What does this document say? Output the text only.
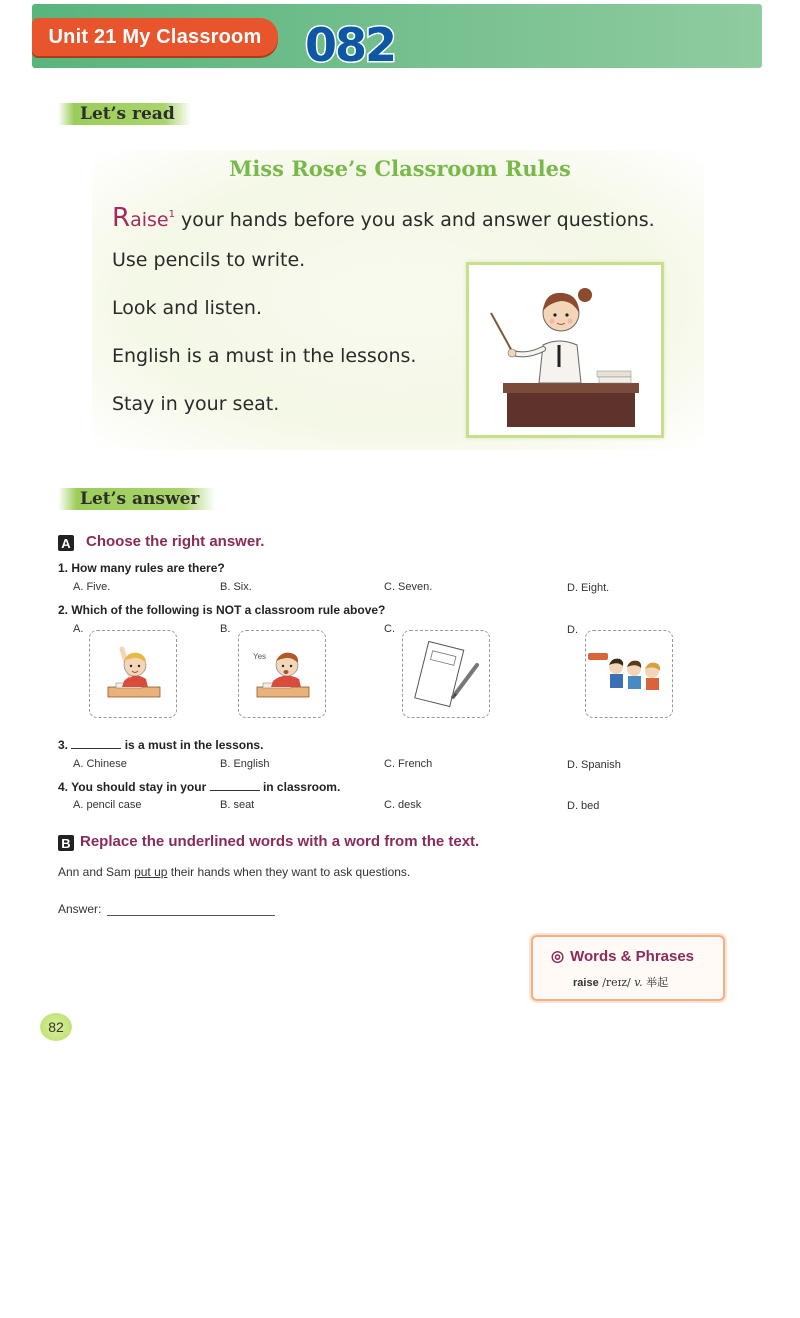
Unit 21 My Classroom 082
Let’s read
Miss Rose’s Classroom Rules
Raise$^1$ your hands before you ask and answer questions.
Use pencils to write.
Look and listen.
English is a must in the lessons.
Stay in your seat.
Let’s answer
A Choose the right answer.
1. How many rules are there?
A. Five.	B. Six.	C. Seven.	D. Eight.
2. Which of the following is NOT a classroom rule above?
A.	B.	C.	D.
Yes
3.	is a must in the lessons.
A. Chinese	B. English	C. French	D. Spanish
4. You should stay in your	in classroom.
A. pencil case	B. seat	C. desk	D. bed
B Replace the underlined words with a word from the text.
Ann and Sam put up their hands when they want to ask questions.
Answer:
◎ Words & Phrases
raise /reɪz/ v. 举起
82
